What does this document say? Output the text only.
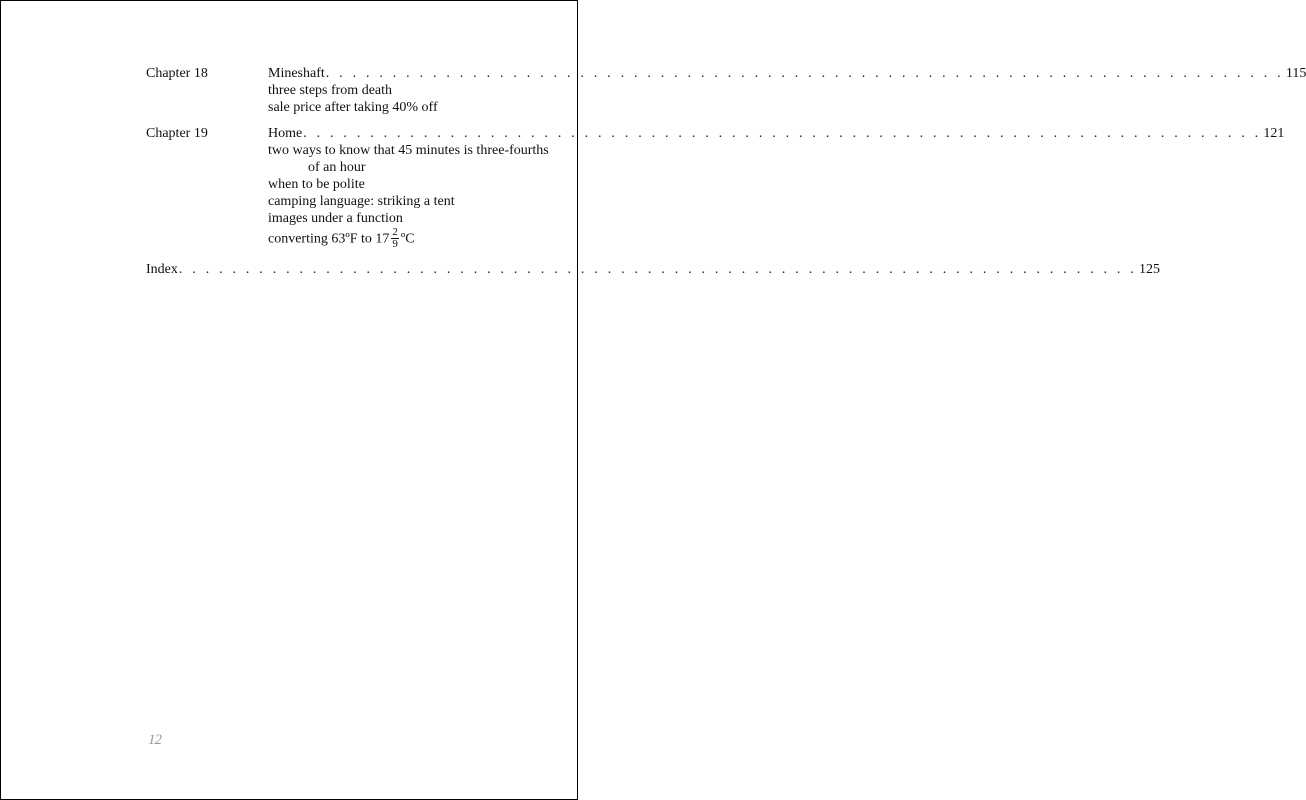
Chapter 18	Mineshaft . . . . . . . . . . . . . . . . . . . . . . . . . . . . . . . . . . . . . . . . . . . . . . . . . . . . . . . . . . . . . . . . . . . . . . . . 115
three steps from death
sale price after taking 40% off
Chapter 19	Home . . . . . . . . . . . . . . . . . . . . . . . . . . . . . . . . . . . . . . . . . . . . . . . . . . . . . . . . . . . . . . . . . . . . . . . . 121
two ways to know that 45 minutes is three-fourths
of an hour
when to be polite
camping language: striking a tent
images under a function
converting 63ºF to $17 \frac{2}{9}$ ºC
Index . . . . . . . . . . . . . . . . . . . . . . . . . . . . . . . . . . . . . . . . . . . . . . . . . . . . . . . . . . . . . . . . . . . . . . . . 125
12
